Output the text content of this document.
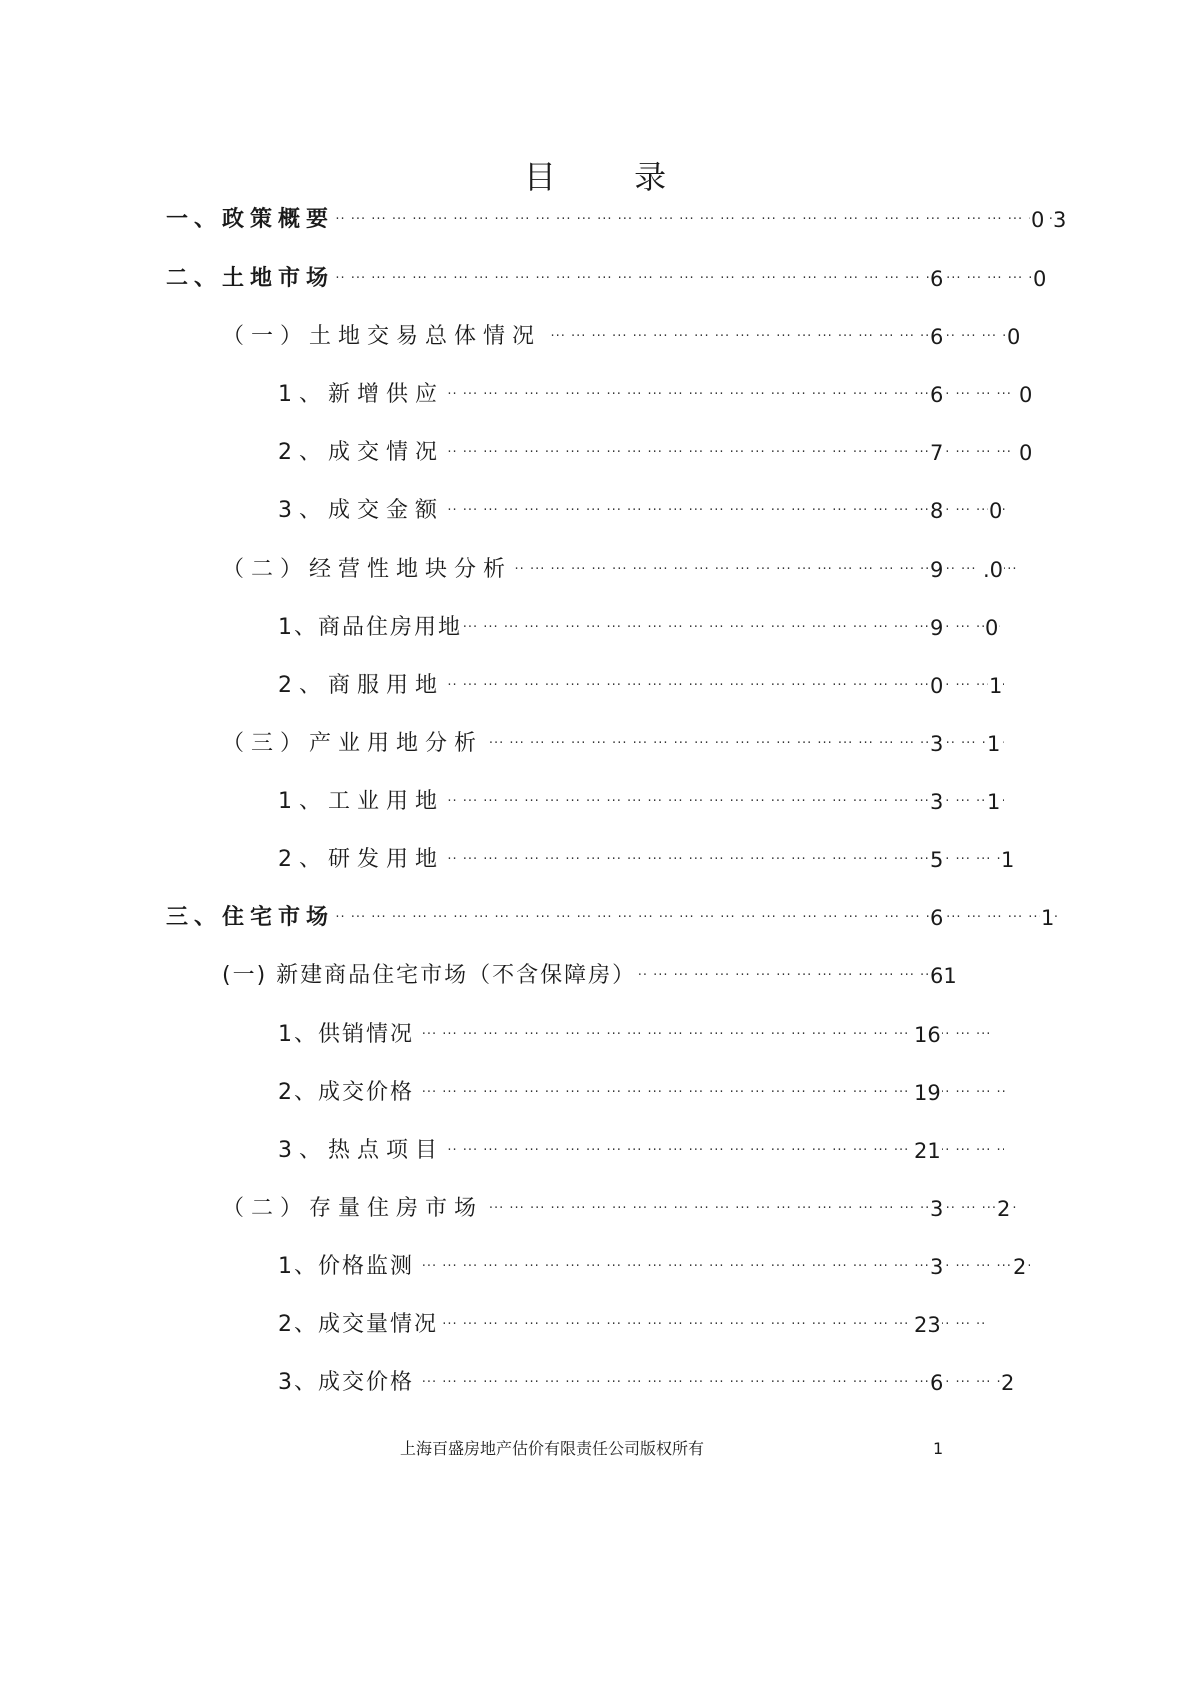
目 录
一、政策概要 ··· ·	0 3
二、土地市场 ··· ·	6	0
（一）土地交易总体情况 ··· ·	6	0
1、新增供应 ··· ·	6	0
2、成交情况 ··· ·	7	0
3、成交金额 ··· ·	8 0
（二）经营性地块分析 ··· ·	9 .0
1、商品住房用地 ··· ·	9 0
2、商服用地 ··· ·	0 1
（三）产业用地分析 ··· ·	3 1
1、工业用地 ··· ·	3 1
2、研发用地 ··· ·	5	1
三、住宅市场 ··· ·	6	1
(一) 新建商品住宅市场（不含保障房） ··· ·	61
1、供销情况 ··· ·	16
2、成交价格 ··· ·	19
3、热点项目 ··· ·	21
（二）存量住房市场 ··· ·	3	2
1、价格监测 ··· ·	3	2
2、成交量情况 ··· ·	23
3、成交价格 ··· ·	6	2
上海百盛房地产估价有限责任公司版权所有	1
